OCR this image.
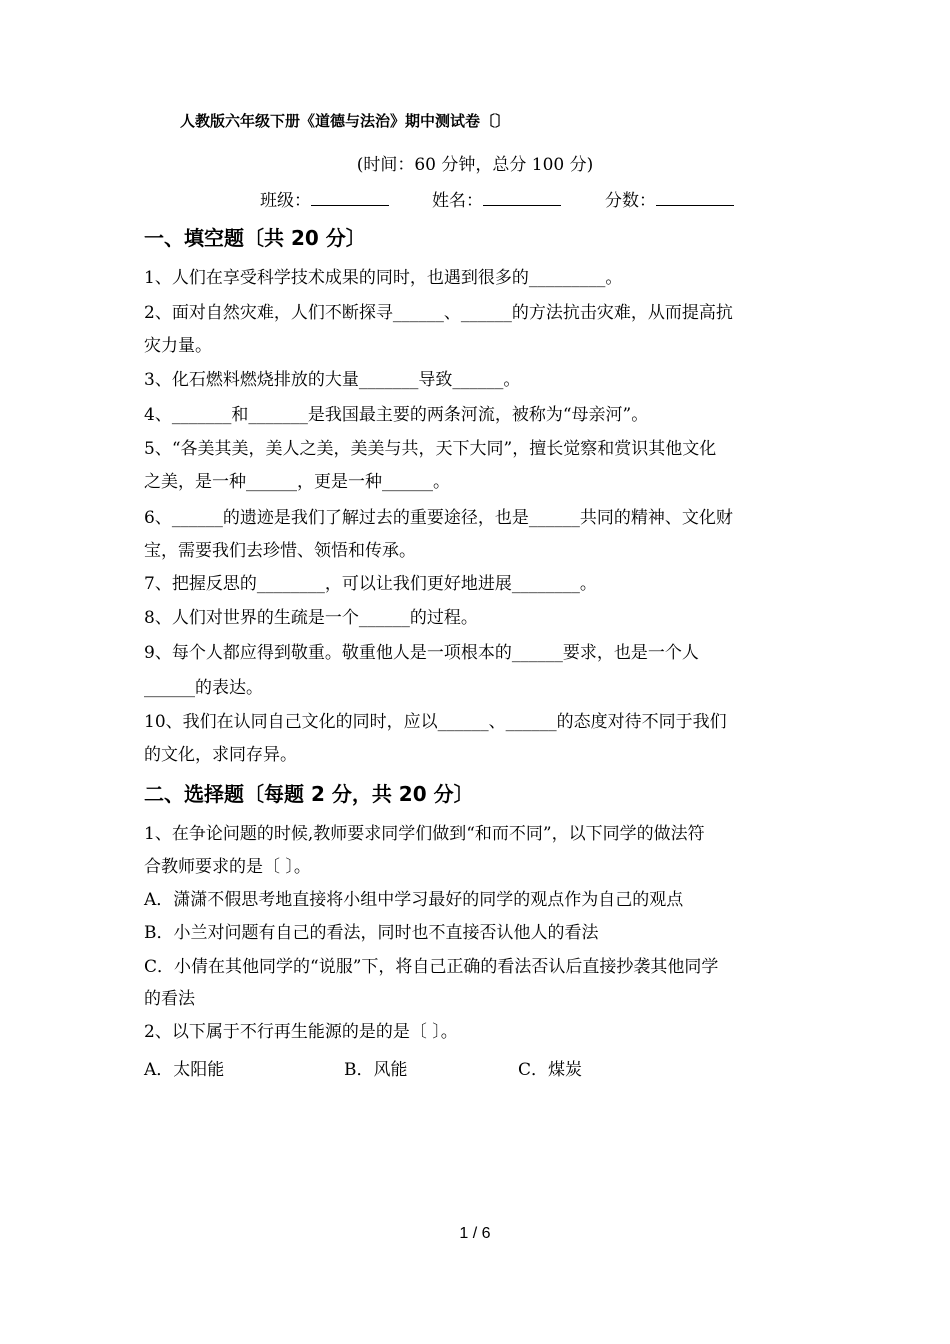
人教版六年级下册《道德与法治》期中测试卷〔〕
(时间：60 分钟，总分 100 分)
班级：	姓名：	分数：
一、填空题〔共 20 分〕
1、人们在享受科学技术成果的同时，也遇到很多的_________。
2、面对自然灾难，人们不断探寻______、______的方法抗击灾难，从而提高抗
灾力量。
3、化石燃料燃烧排放的大量_______导致______。
4、_______和_______是我国最主要的两条河流，被称为“母亲河”。
5、“各美其美，美人之美，美美与共，天下大同”，擅长觉察和赏识其他文化
之美，是一种______，更是一种______。
6、______的遗迹是我们了解过去的重要途径，也是______共同的精神、文化财
宝，需要我们去珍惜、领悟和传承。
7、把握反思的________，可以让我们更好地进展________。
8、人们对世界的生疏是一个______的过程。
9、每个人都应得到敬重。敬重他人是一项根本的______要求，也是一个人
______的表达。
10、我们在认同自己文化的同时，应以______、______的态度对待不同于我们
的文化，求同存异。
二、选择题〔每题 2 分，共 20 分〕
1、在争论问题的时候,教师要求同学们做到“和而不同”，以下同学的做法符
合教师要求的是〔 〕。
A．潇潇不假思考地直接将小组中学习最好的同学的观点作为自己的观点
B．小兰对问题有自己的看法，同时也不直接否认他人的看法
C．小倩在其他同学的“说服”下，将自己正确的看法否认后直接抄袭其他同学
的看法
2、以下属于不行再生能源的是的是〔 〕。
A．太阳能	B．风能	C．煤炭
1 / 6
